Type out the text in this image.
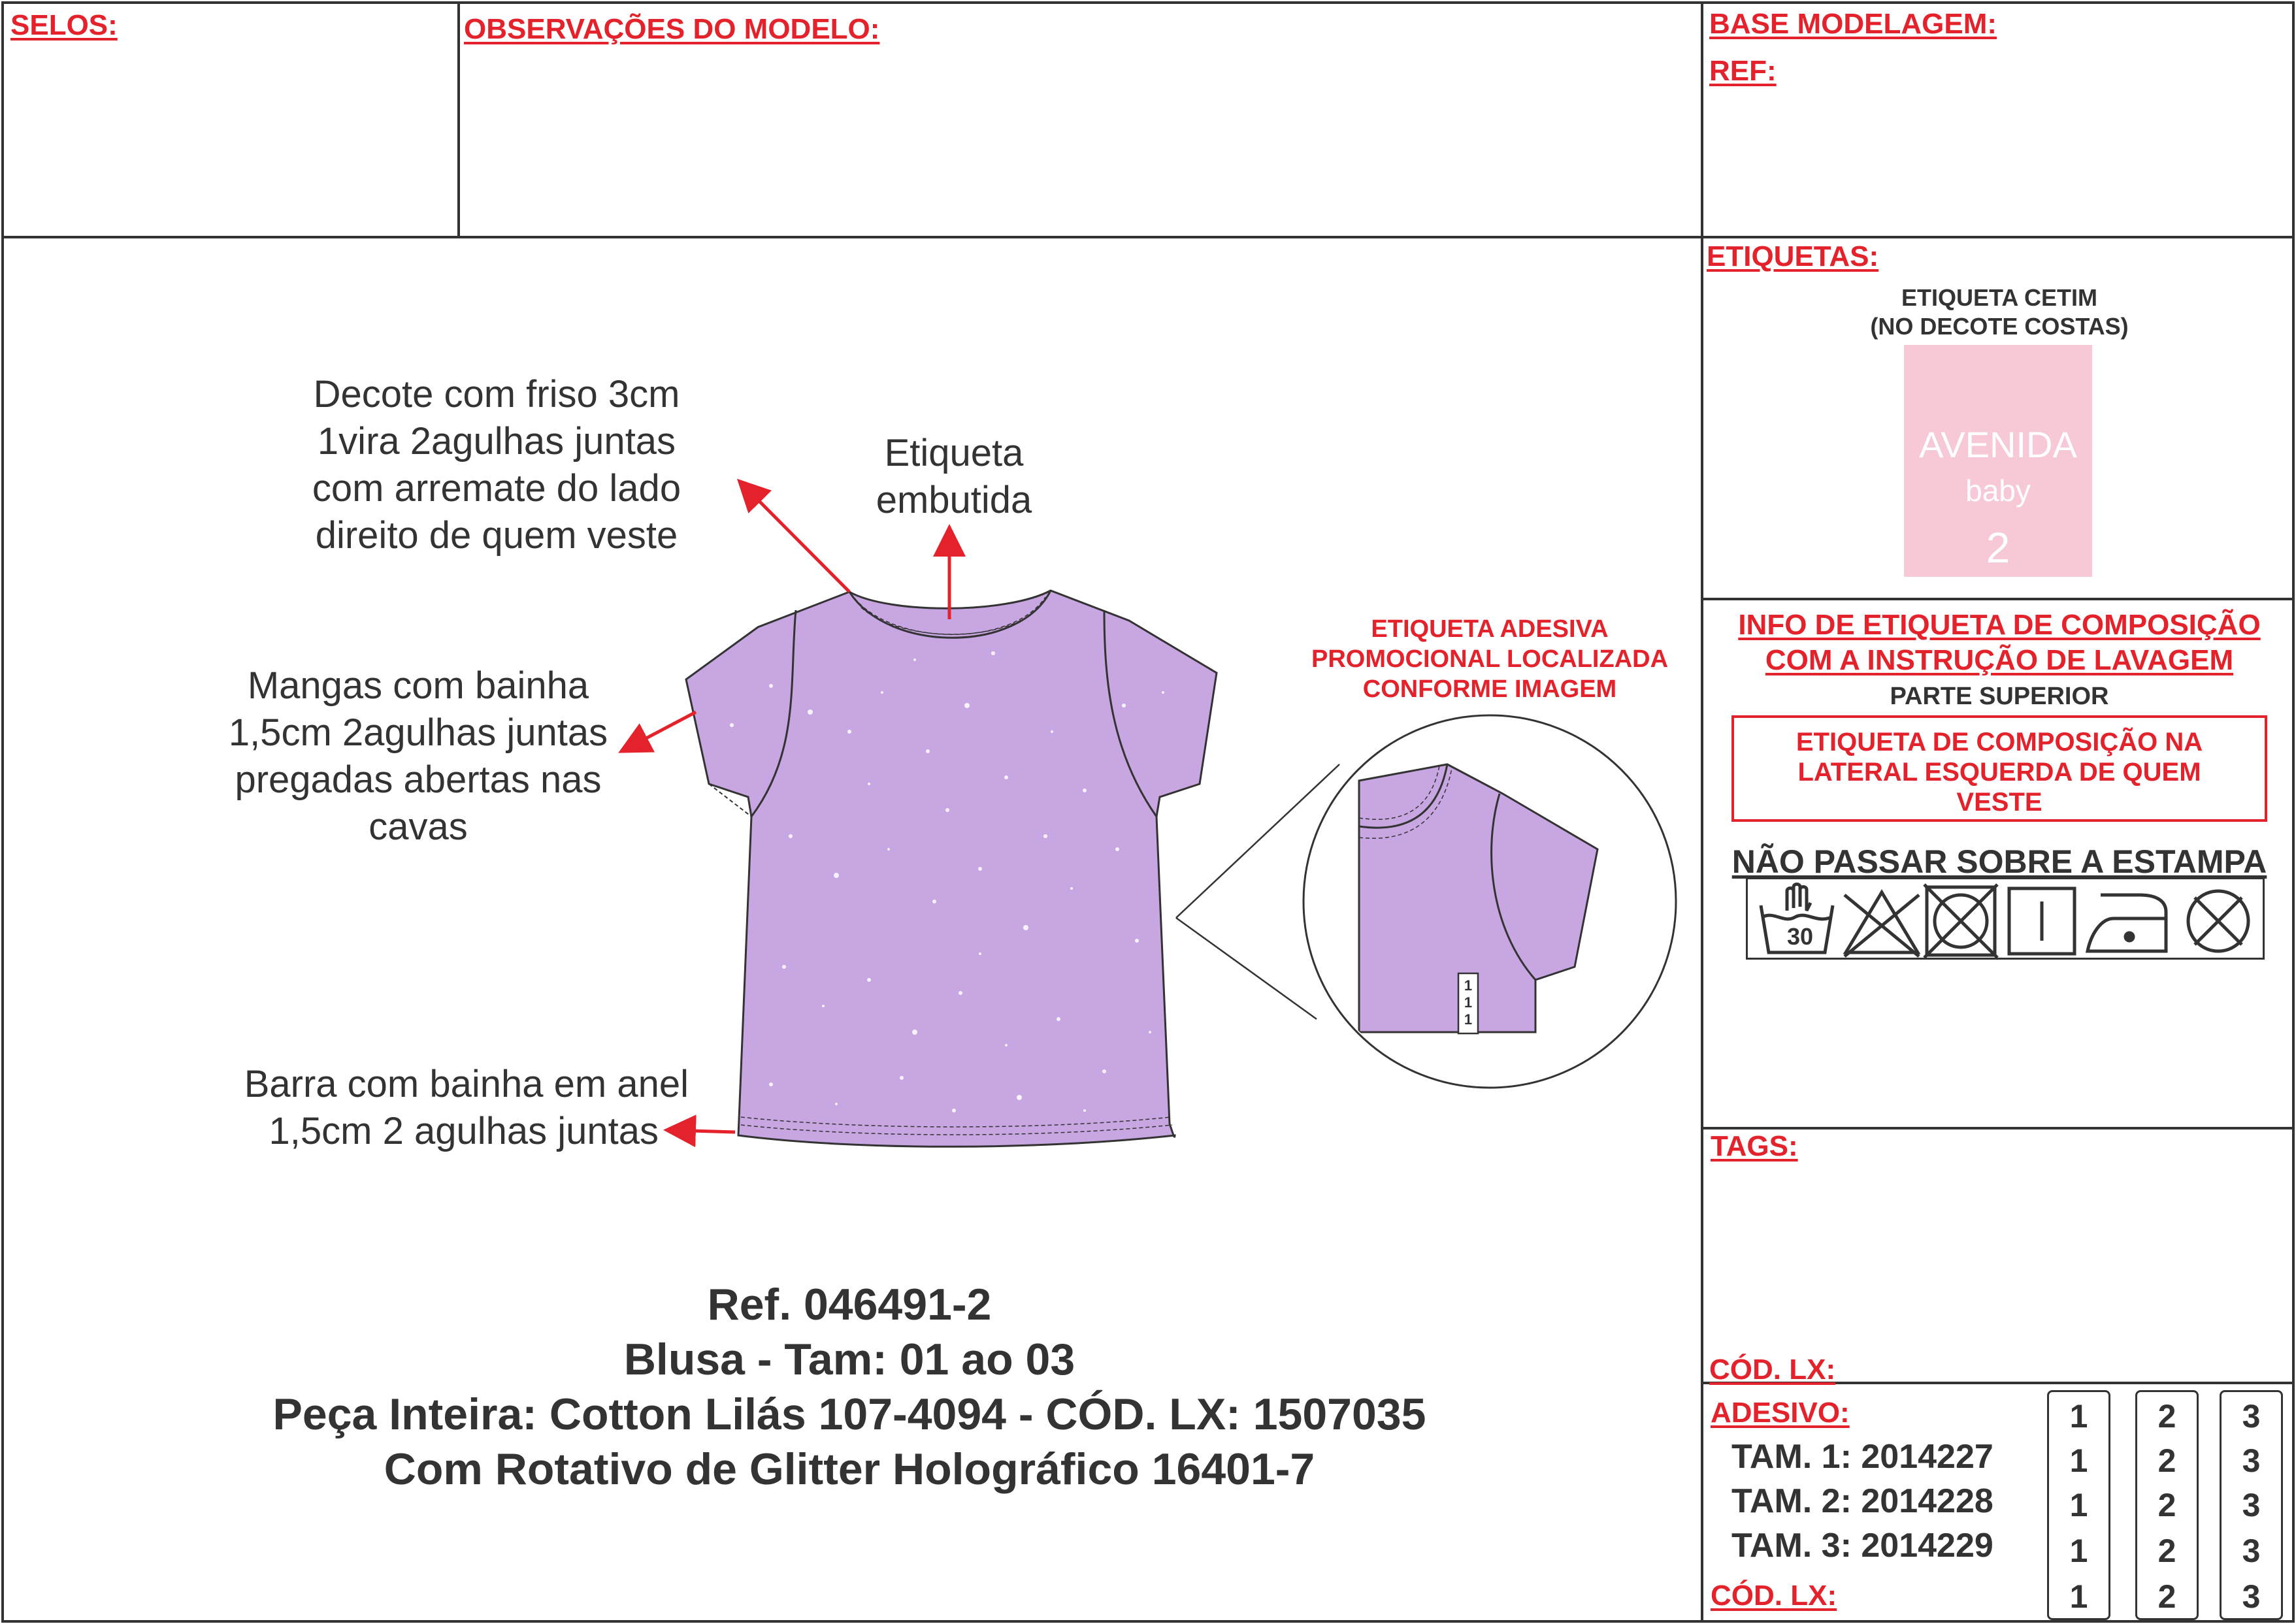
SELOS:	OBSERVAÇÕES DO MODELO:	BASE MODELAGEM:
REF:
Decote com friso 3cm
1vira 2agulhas juntas
com arremate do lado
direito de quem veste
Etiqueta
embutida
Mangas com bainha
1,5cm 2agulhas juntas
pregadas abertas nas
cavas
Barra com bainha em anel
1,5cm 2 agulhas juntas
ETIQUETA ADESIVA
PROMOCIONAL LOCALIZADA
CONFORME IMAGEM
1
1
1
Ref. 046491-2
Blusa - Tam: 01 ao 03
Peça Inteira: Cotton Lilás 107-4094 - CÓD. LX: 1507035
Com Rotativo de Glitter Holográfico 16401-7
ETIQUETAS:
ETIQUETA CETIM
(NO DECOTE COSTAS)
AVENIDA
baby
2
INFO DE ETIQUETA DE COMPOSIÇÃO
COM A INSTRUÇÃO DE LAVAGEM
PARTE SUPERIOR
ETIQUETA DE COMPOSIÇÃO NA
LATERAL ESQUERDA DE QUEM
VESTE
NÃO PASSAR SOBRE A ESTAMPA
30
TAGS:
CÓD. LX:
ADESIVO:
TAM. 1: 2014227
TAM. 2: 2014228
TAM. 3: 2014229
CÓD. LX:
1
1
1
1
1
2
2
2
2
2
3
3
3
3
3
